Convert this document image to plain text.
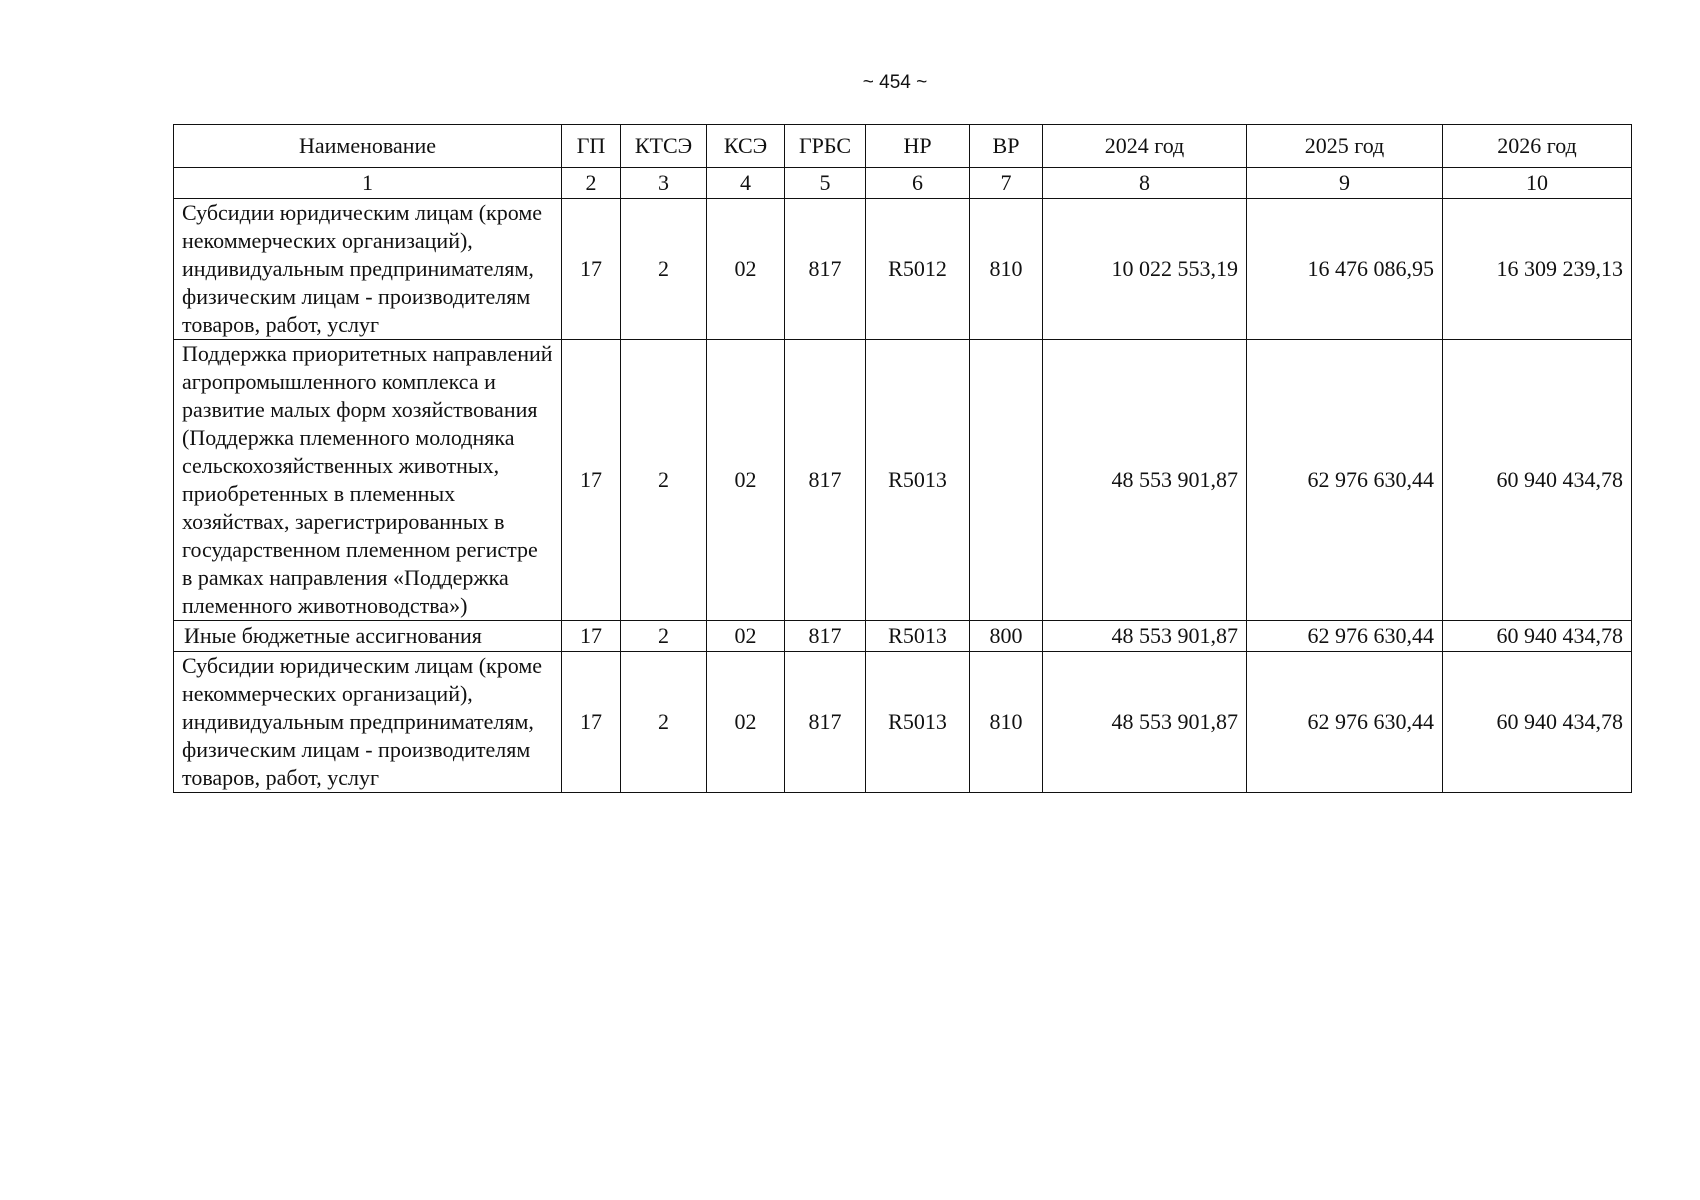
~ 454 ~
Наименование	ГП	КТСЭ	КСЭ	ГРБС	НР	ВР	2024 год	2025 год	2026 год
1	2	3	4	5	6	7	8	9	10
Субсидии юридическим лицам (кроме некоммерческих организаций), индивидуальным предпринимателям, физическим лицам - производителям товаров, работ, услуг	17	2	02	817	R5012	810	10 022 553,19	16 476 086,95	16 309 239,13
Поддержка приоритетных направлений агропромышленного комплекса и развитие малых форм хозяйствования (Поддержка племенного молодняка сельскохозяйственных животных, приобретенных в племенных хозяйствах, зарегистрированных в государственном племенном регистре в рамках направления «Поддержка племенного животноводства»)	17	2	02	817	R5013		48 553 901,87	62 976 630,44	60 940 434,78
Иные бюджетные ассигнования	17	2	02	817	R5013	800	48 553 901,87	62 976 630,44	60 940 434,78
Субсидии юридическим лицам (кроме некоммерческих организаций), индивидуальным предпринимателям, физическим лицам - производителям товаров, работ, услуг	17	2	02	817	R5013	810	48 553 901,87	62 976 630,44	60 940 434,78
